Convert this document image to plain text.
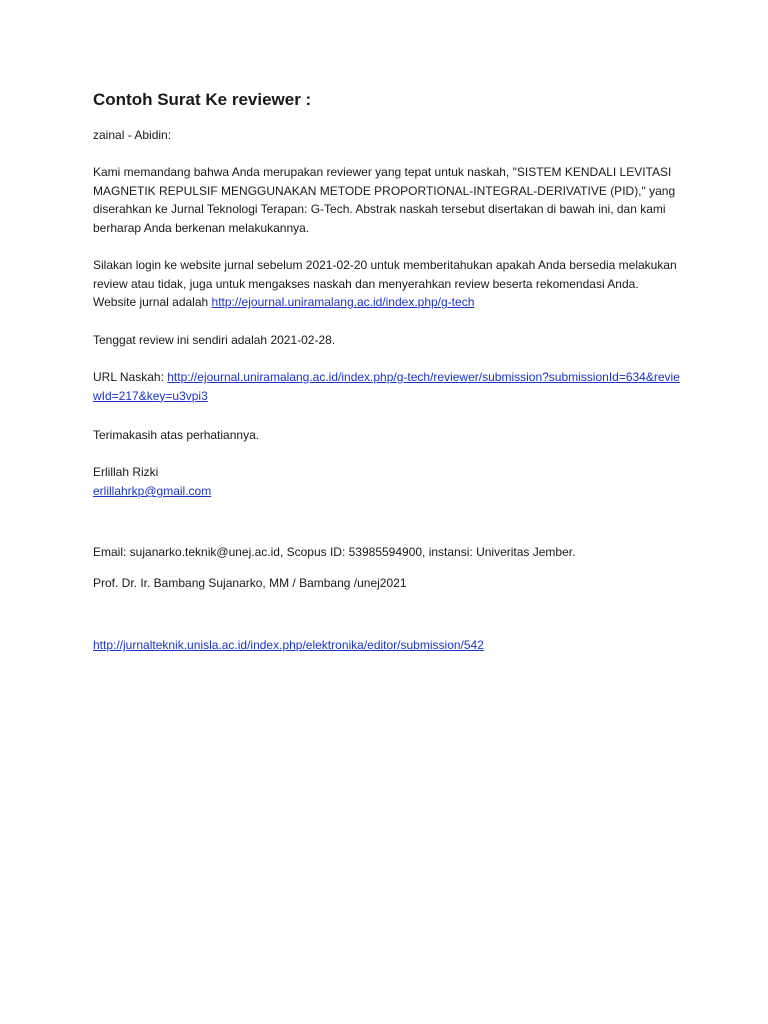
Contoh Surat Ke reviewer :

zainal - Abidin:

Kami memandang bahwa Anda merupakan reviewer yang tepat untuk naskah, "SISTEM KENDALI LEVITASI MAGNETIK REPULSIF MENGGUNAKAN METODE PROPORTIONAL-INTEGRAL-DERIVATIVE (PID)," yang diserahkan ke Jurnal Teknologi Terapan: G-Tech. Abstrak naskah tersebut disertakan di bawah ini, dan kami berharap Anda berkenan melakukannya.

Silakan login ke website jurnal sebelum 2021-02-20 untuk memberitahukan apakah Anda bersedia melakukan review atau tidak, juga untuk mengakses naskah dan menyerahkan review beserta rekomendasi Anda. Website jurnal adalah http://ejournal.uniramalang.ac.id/index.php/g-tech

Tenggat review ini sendiri adalah 2021-02-28.

URL Naskah: http://ejournal.uniramalang.ac.id/index.php/g-tech/reviewer/submission?submissionId=634&reviewId=217&key=u3vpi3

Terimakasih atas perhatiannya.

Erlillah Rizki

erlillahrkp@gmail.com

Email: sujanarko.teknik@unej.ac.id, Scopus ID: 53985594900, instansi: Univeritas Jember.

Prof. Dr. Ir. Bambang Sujanarko, MM / Bambang /unej2021

http://jurnalteknik.unisla.ac.id/index.php/elektronika/editor/submission/542
